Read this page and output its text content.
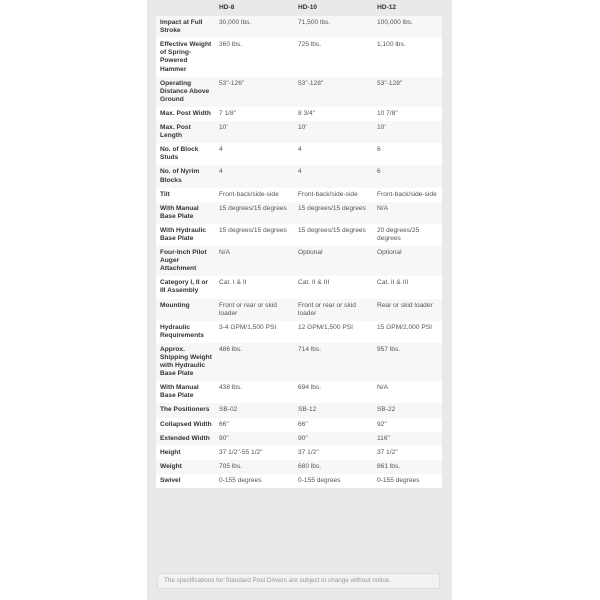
	HD-8	HD-10	HD-12
Impact at Full Stroke	30,000 lbs.	71,500 lbs.	100,000 lbs.
Effective Weight of Spring-Powered Hammer	360 lbs.	725 lbs.	1,100 lbs.
Operating Distance Above Ground	53"-126"	53"-128"	53"-128"
Max. Post Width	7 1/8"	8 3/4"	10 7/8"
Max. Post Length	10'	10'	10'
No. of Block Studs	4	4	6
No. of Nyrim Blocks	4	4	6
Tilt	Front-back/side-side	Front-back/side-side	Front-back/side-side
With Manual Base Plate	15 degrees/15 degrees	15 degrees/15 degrees	N/A
With Hydraulic Base Plate	15 degrees/15 degrees	15 degrees/15 degrees	20 degrees/25 degrees
Four-Inch Pilot Auger Attachment	N/A	Optional	Optional
Category I, II or III Assembly	Cat. I & II	Cat. II & III	Cat. II & III
Mounting	Front or rear or skid loader	Front or rear or skid loader	Rear or skid loader
Hydraulic Requirements	3-4 GPM/1,500 PSI	12 GPM/1,500 PSI	15 GPM/2,000 PSI
Approx. Shipping Weight with Hydraulic Base Plate	486 lbs.	714 lbs.	957 lbs.
With Manual Base Plate	438 lbs.	694 lbs.	N/A
The Positioners	SB-02	SB-12	SB-22
Collapsed Width	66"	66"	92"
Extended Width	90"	90"	116"
Height	37 1/2"-55 1/2"	37 1/2"	37 1/2"
Weight	705 lbs.	680 lbs.	861 lbs.
Swivel	0-155 degrees	0-155 degrees	0-155 degrees
The specifications for Standard Post Drivers are subject to change without notice.
